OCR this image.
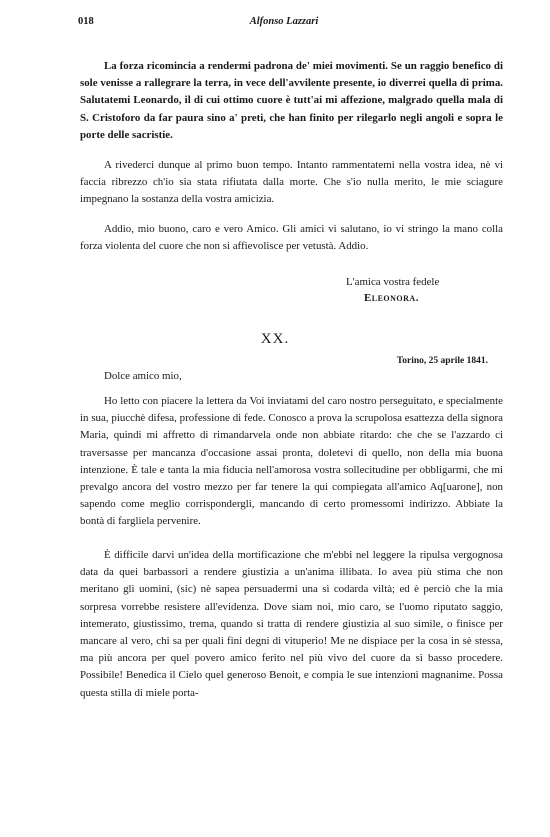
018	Alfonso Lazzari

La forza ricomincia a rendermi padrona de' miei movimenti. Se un raggio benefico di sole venisse a rallegrare la terra, in vece dell'avvilente presente, io diverrei quella di prima. Salutatemi Leonardo, il di cui ottimo cuore è tutt'ai mi affezione, malgrado quella mala di S. Cristoforo da far paura sino a' preti, che han finito per rilegarlo negli angoli e sopra le porte delle sacristie.

A rivederci dunque al primo buon tempo. Intanto rammentatemi nella vostra idea, nè vi faccia ribrezzo ch'io sia stata rifiutata dalla morte. Che s'io nulla merito, le mie sciagure impegnano la sostanza della vostra amicizia.

Addio, mio buono, caro e vero Amico. Gli amici vi salutano, io vi stringo la mano colla forza violenta del cuore che non si affievolisce per vetustà. Addio.

L'amica vostra fedele
Eleonora.
XX.
Torino, 25 aprile 1841.
Dolce amico mio,

Ho letto con piacere la lettera da Voi inviatami del caro nostro perseguitato, e specialmente in sua, piucchè difesa, professione di fede. Conosco a prova la scrupolosa esattezza della signora Maria, quindi mi affretto di rimandarvela onde non abbiate ritardo: che che se l'azzardo ci traversasse per mancanza d'occasione assai pronta, doletevi di quello, non della mia buona intenzione. È tale e tanta la mia fiducia nell'amorosa vostra sollecitudine per obbligarmi, che mi prevalgo ancora del vostro mezzo per far tenere la qui compiegata all'amico Aq[uarone], non sapendo come meglio corrispondergli, mancando di certo promessomi indirizzo. Abbiate la bontà di fargliela pervenire.

È difficile darvi un'idea della mortificazione che m'ebbi nel leggere la ripulsa vergognosa data da quei barbassori a rendere giustizia a un'anima illibata. Io avea più stima che non meritano gli uomini, (sic) nè sapea persuadermi una sì codarda viltà; ed è perciò che la mia sorpresa vorrebbe resistere all'evidenza. Dove siam noi, mio caro, se l'uomo riputato saggio, intemerato, giustissimo, trema, quando si tratta di rendere giustizia al suo simile, o finisce per mancare al vero, chi sa per quali fini degni di vituperio! Me ne dispiace per la cosa in sè stessa, ma più ancora per quel povero amico ferito nel più vivo del cuore da sì basso procedere. Possibile! Benedica il Cielo quel generoso Benoit, e compia le sue intenzioni magnanime. Possa questa stilla di miele porta-
